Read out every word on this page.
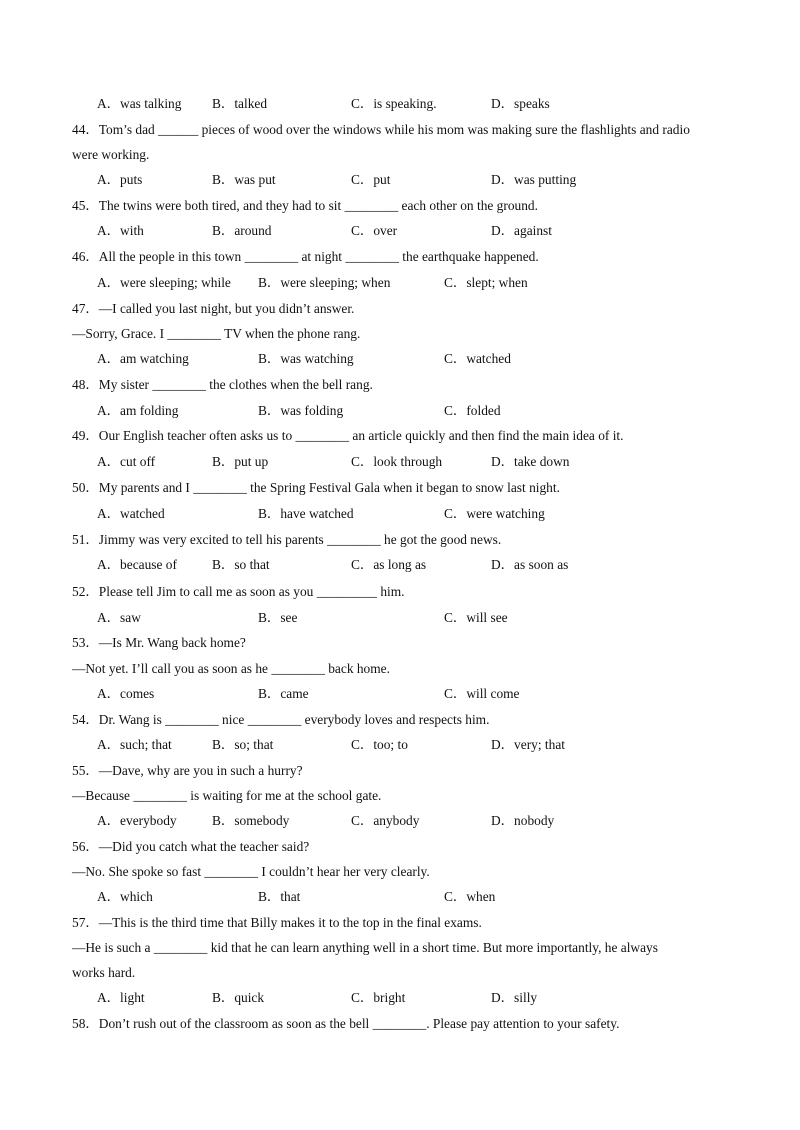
A．was talking B．talked	C．is speaking.	D．speaks
44．Tom’s dad ______ pieces of wood over the windows while his mom was making sure the flashlights and radio
were working.
A．puts	B．was put	C．put	D．was putting
45．The twins were both tired, and they had to sit ________ each other on the ground.
A．with	B．around	C．over	D．against
46．All the people in this town ________ at night ________ the earthquake happened.
A．were sleeping; while B．were sleeping; when	C．slept; when
47．—I called you last night, but you didn’t answer.
—Sorry, Grace. I ________ TV when the phone rang.
A．am watching	B．was watching	C．watched
48．My sister ________ the clothes when the bell rang.
A．am folding	B．was folding	C．folded
49．Our English teacher often asks us to ________ an article quickly and then find the main idea of it.
A．cut off	B．put up	C．look through	D．take down
50．My parents and I ________ the Spring Festival Gala when it began to snow last night.
A．watched	B．have watched	C．were watching
51．Jimmy was very excited to tell his parents ________ he got the good news.
A．because of	B．so that	C．as long as	D．as soon as
52．Please tell Jim to call me as soon as you _________ him.
A．saw	B．see	C．will see
53．—Is Mr. Wang back home?
—Not yet. I’ll call you as soon as he ________ back home.
A．comes	B．came	C．will come
54．Dr. Wang is ________ nice ________ everybody loves and respects him.
A．such; that	B．so; that	C．too; to	D．very; that
55．—Dave, why are you in such a hurry?
—Because ________ is waiting for me at the school gate.
A．everybody	B．somebody	C．anybody	D．nobody
56．—Did you catch what the teacher said?
—No. She spoke so fast ________ I couldn’t hear her very clearly.
A．which	B．that	C．when
57．—This is the third time that Billy makes it to the top in the final exams.
—He is such a ________ kid that he can learn anything well in a short time. But more importantly, he always
works hard.
A．light	B．quick	C．bright	D．silly
58．Don’t rush out of the classroom as soon as the bell ________. Please pay attention to your safety.
